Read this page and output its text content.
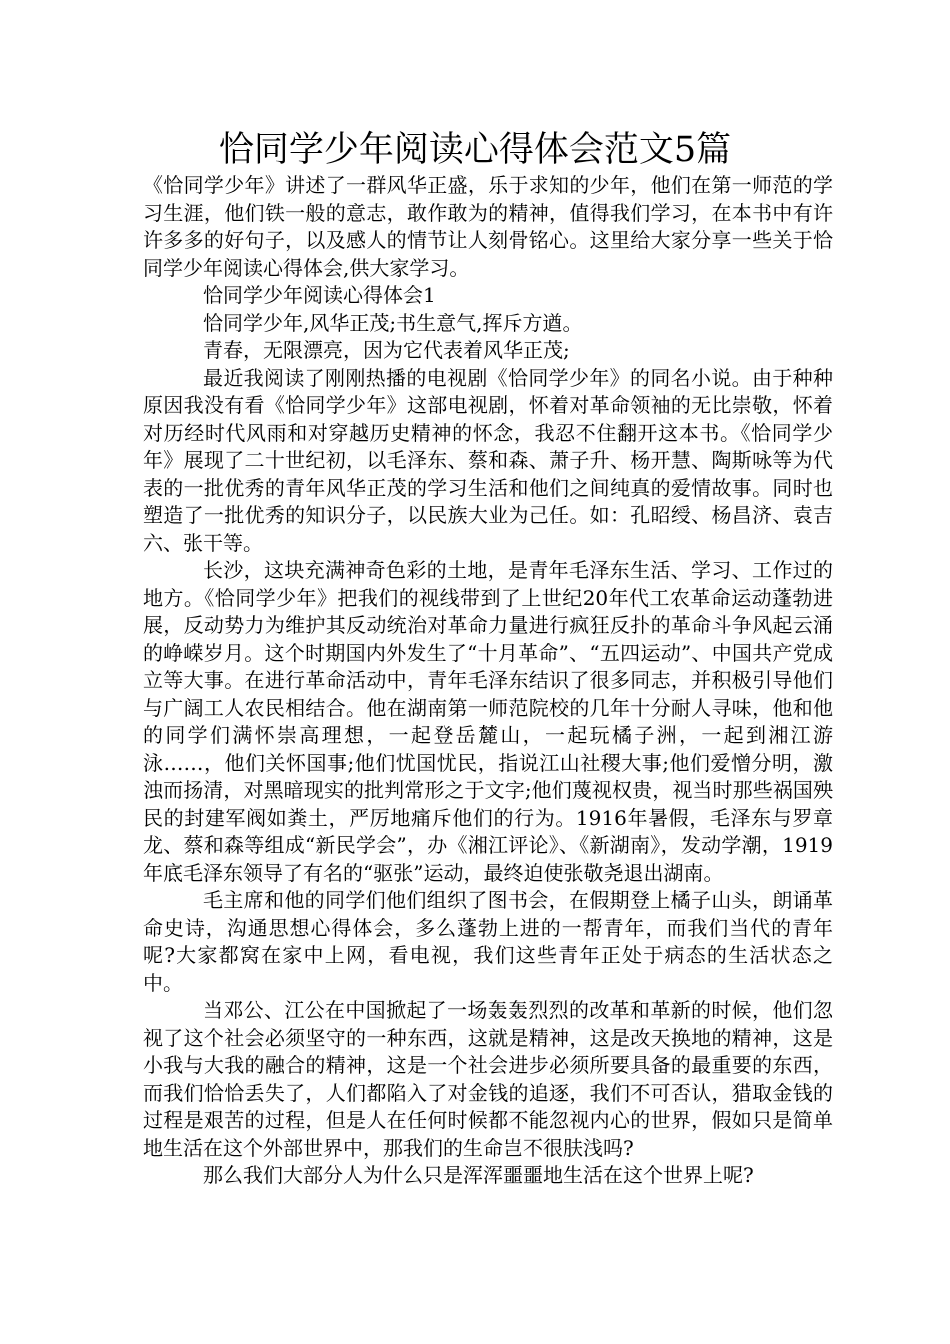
恰同学少年阅读心得体会范文5篇

《恰同学少年》讲述了一群风华正盛，乐于求知的少年，他们在第一师范的学习生涯，他们铁一般的意志，敢作敢为的精神，值得我们学习，在本书中有许许多多的好句子，以及感人的情节让人刻骨铭心。这里给大家分享一些关于恰同学少年阅读心得体会,供大家学习。

恰同学少年阅读心得体会1

恰同学少年,风华正茂;书生意气,挥斥方遒。

青春，无限漂亮，因为它代表着风华正茂;

最近我阅读了刚刚热播的电视剧《恰同学少年》的同名小说。由于种种原因我没有看《恰同学少年》这部电视剧，怀着对革命领袖的无比崇敬，怀着对历经时代风雨和对穿越历史精神的怀念，我忍不住翻开这本书。《恰同学少年》展现了二十世纪初，以毛泽东、蔡和森、萧子升、杨开慧、陶斯咏等为代表的一批优秀的青年风华正茂的学习生活和他们之间纯真的爱情故事。同时也塑造了一批优秀的知识分子，以民族大业为己任。如：孔昭绶、杨昌济、袁吉六、张干等。

长沙，这块充满神奇色彩的土地，是青年毛泽东生活、学习、工作过的地方。《恰同学少年》把我们的视线带到了上世纪20年代工农革命运动蓬勃进展，反动势力为维护其反动统治对革命力量进行疯狂反扑的革命斗争风起云涌的峥嵘岁月。这个时期国内外发生了“十月革命”、“五四运动”、中国共产党成立等大事。在进行革命活动中，青年毛泽东结识了很多同志，并积极引导他们与广阔工人农民相结合。他在湖南第一师范院校的几年十分耐人寻味，他和他的同学们满怀崇高理想，一起登岳麓山，一起玩橘子洲，一起到湘江游泳……，他们关怀国事;他们忧国忧民，指说江山社稷大事;他们爱憎分明，激浊而扬清，对黑暗现实的批判常形之于文字;他们蔑视权贵，视当时那些祸国殃民的封建军阀如粪土，严厉地痛斥他们的行为。1916年暑假，毛泽东与罗章龙、蔡和森等组成“新民学会”，办《湘江评论》、《新湖南》，发动学潮，1919年底毛泽东领导了有名的“驱张”运动，最终迫使张敬尧退出湖南。

毛主席和他的同学们他们组织了图书会，在假期登上橘子山头，朗诵革命史诗，沟通思想心得体会，多么蓬勃上进的一帮青年，而我们当代的青年呢?大家都窝在家中上网，看电视，我们这些青年正处于病态的生活状态之中。

当邓公、江公在中国掀起了一场轰轰烈烈的改革和革新的时候，他们忽视了这个社会必须坚守的一种东西，这就是精神，这是改天换地的精神，这是小我与大我的融合的精神，这是一个社会进步必须所要具备的最重要的东西，而我们恰恰丢失了，人们都陷入了对金钱的追逐，我们不可否认，猎取金钱的过程是艰苦的过程，但是人在任何时候都不能忽视内心的世界，假如只是简单地生活在这个外部世界中，那我们的生命岂不很肤浅吗?

那么我们大部分人为什么只是浑浑噩噩地生活在这个世界上呢?
